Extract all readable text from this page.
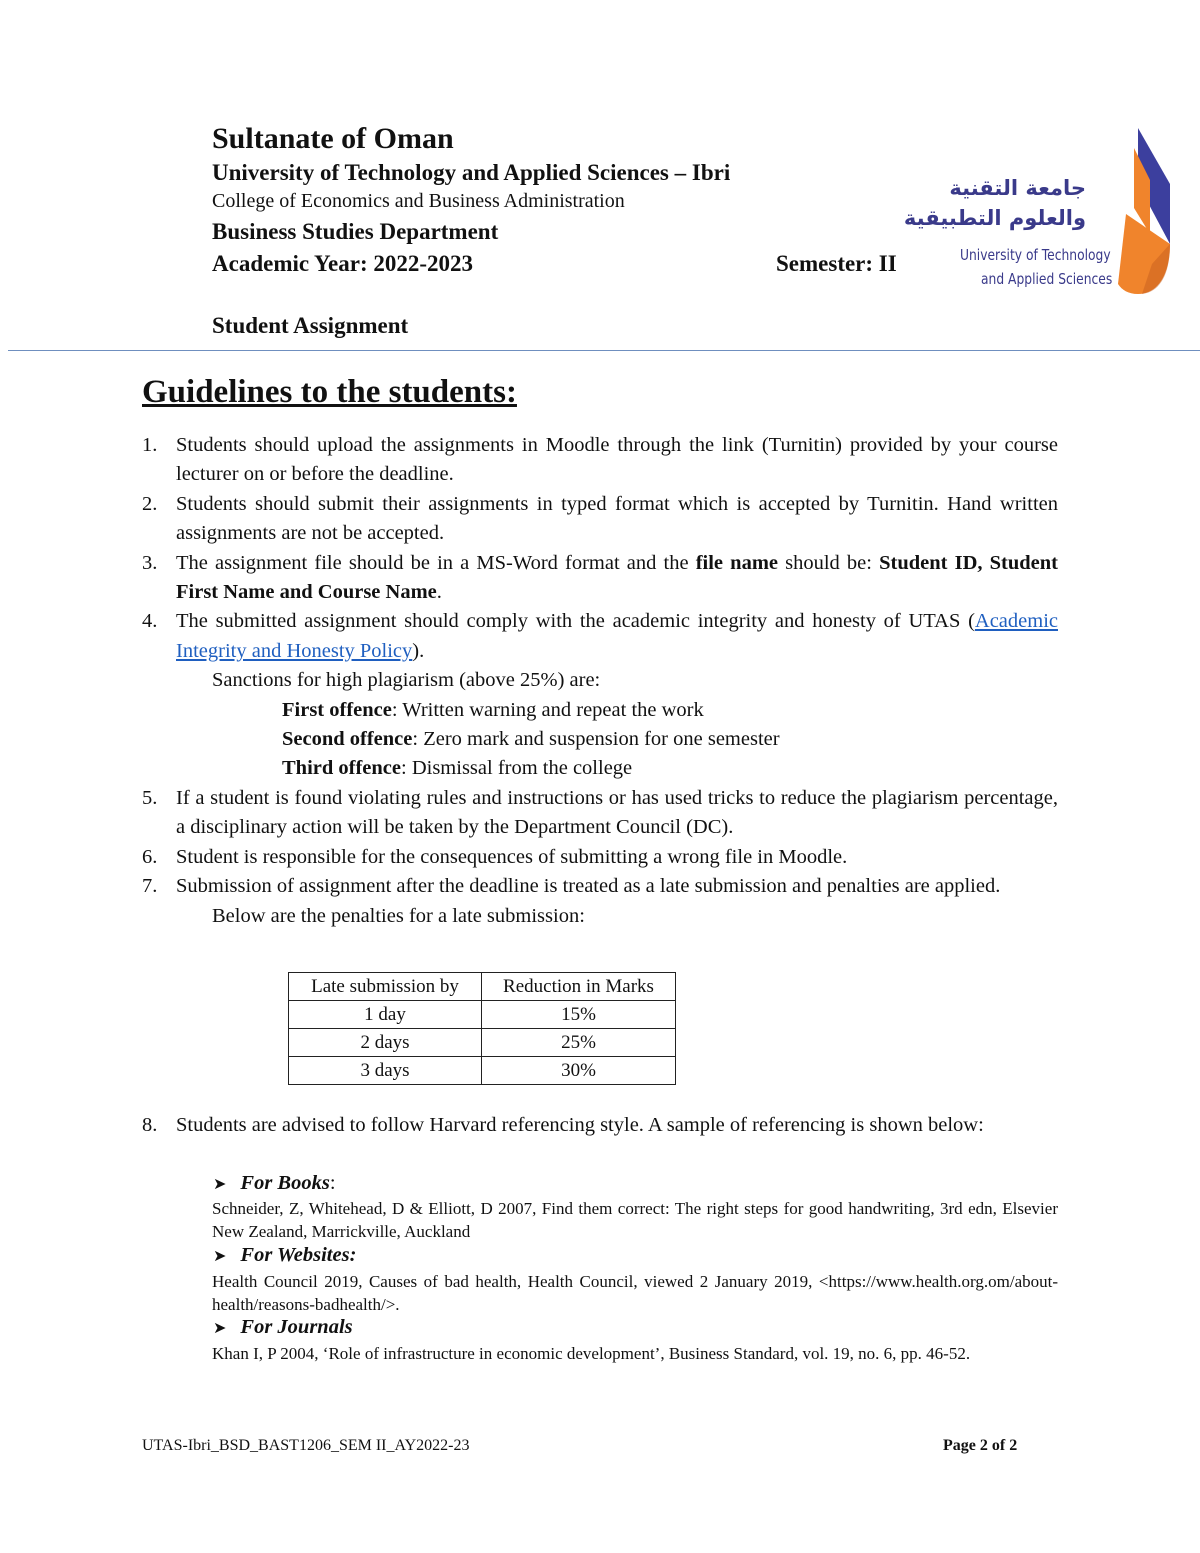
Sultanate of Oman
University of Technology and Applied Sciences – Ibri
College of Economics and Business Administration
Business Studies Department
Academic Year: 2022-2023	Semester: II
Student Assignment
جامعة التقنية
والعلوم التطبيقية
University of Technology
and Applied Sciences
Guidelines to the students:
1. Students should upload the assignments in Moodle through the link (Turnitin) provided by your course lecturer on or before the deadline.
2. Students should submit their assignments in typed format which is accepted by Turnitin. Hand written assignments are not be accepted.
3. The assignment file should be in a MS-Word format and the file name should be: Student ID, Student First Name and Course Name.
4. The submitted assignment should comply with the academic integrity and honesty of UTAS (Academic Integrity and Honesty Policy).
Sanctions for high plagiarism (above 25%) are:
First offence: Written warning and repeat the work
Second offence: Zero mark and suspension for one semester
Third offence: Dismissal from the college
5. If a student is found violating rules and instructions or has used tricks to reduce the plagiarism percentage, a disciplinary action will be taken by the Department Council (DC).
6. Student is responsible for the consequences of submitting a wrong file in Moodle.
7. Submission of assignment after the deadline is treated as a late submission and penalties are applied.
Below are the penalties for a late submission:
Late submission by	Reduction in Marks
1 day	15%
2 days	25%
3 days	30%
8. Students are advised to follow Harvard referencing style. A sample of referencing is shown below:
➤ For Books:
Schneider, Z, Whitehead, D & Elliott, D 2007, Find them correct: The right steps for good handwriting, 3rd edn, Elsevier New Zealand, Marrickville, Auckland
➤ For Websites:
Health Council 2019, Causes of bad health, Health Council, viewed 2 January 2019, <https://www.health.org.om/about-health/reasons-badhealth/>.
➤ For Journals
Khan I, P 2004, ‘Role of infrastructure in economic development’, Business Standard, vol. 19, no. 6, pp. 46-52.
UTAS-Ibri_BSD_BAST1206_SEM II_AY2022-23	Page 2 of 2
